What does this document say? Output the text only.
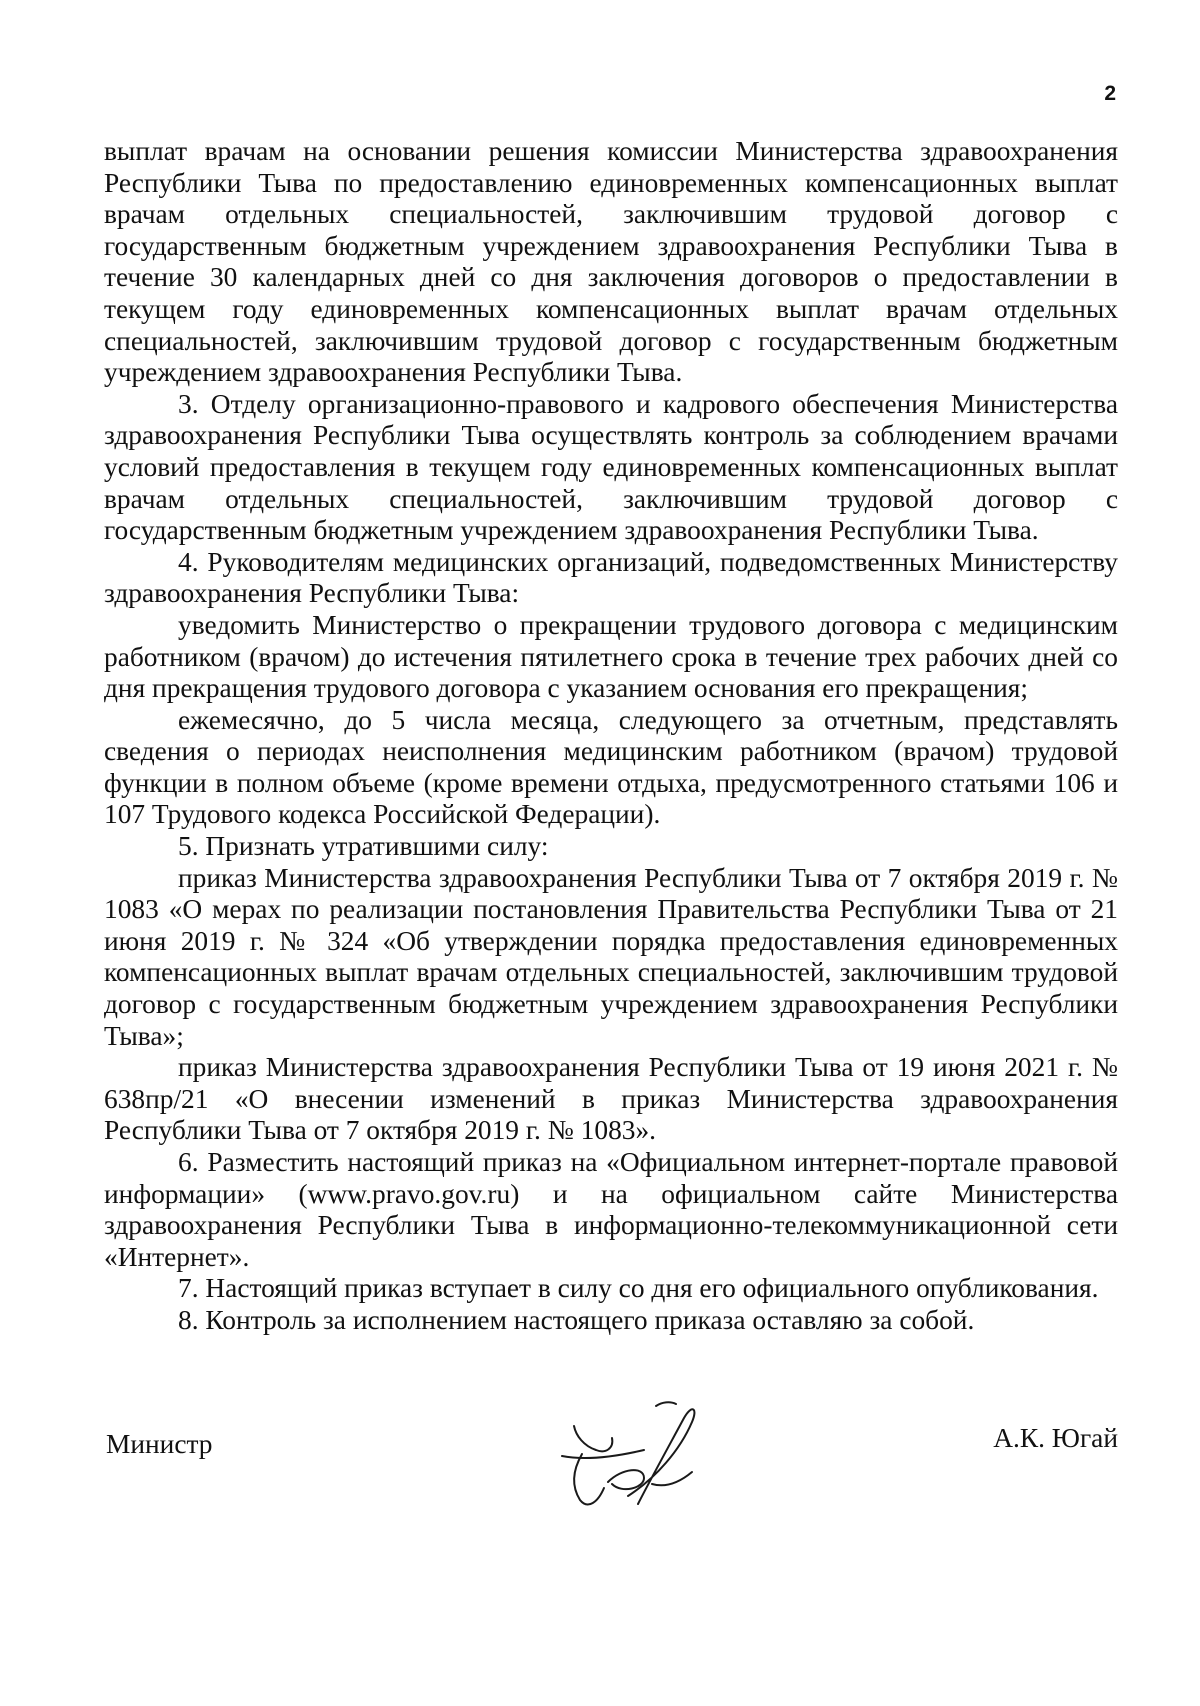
2

выплат врачам на основании решения комиссии Министерства здравоохранения Республики Тыва по предоставлению единовременных компенсационных выплат врачам отдельных специальностей, заключившим трудовой договор с государственным бюджетным учреждением здравоохранения Республики Тыва в течение 30 календарных дней со дня заключения договоров о предоставлении в текущем году единовременных компенсационных выплат врачам отдельных специальностей, заключившим трудовой договор с государственным бюджетным учреждением здравоохранения Республики Тыва.

3. Отделу организационно-правового и кадрового обеспечения Министерства здравоохранения Республики Тыва осуществлять контроль за соблюдением врачами условий предоставления в текущем году единовременных компенсационных выплат врачам отдельных специальностей, заключившим трудовой договор с государственным бюджетным учреждением здравоохранения Республики Тыва.

4. Руководителям медицинских организаций, подведомственных Министерству здравоохранения Республики Тыва:

уведомить Министерство о прекращении трудового договора с медицинским работником (врачом) до истечения пятилетнего срока в течение трех рабочих дней со дня прекращения трудового договора с указанием основания его прекращения;

ежемесячно, до 5 числа месяца, следующего за отчетным, представлять сведения о периодах неисполнения медицинским работником (врачом) трудовой функции в полном объеме (кроме времени отдыха, предусмотренного статьями 106 и 107 Трудового кодекса Российской Федерации).

5. Признать утратившими силу:

приказ Министерства здравоохранения Республики Тыва от 7 октября 2019 г. № 1083 «О мерах по реализации постановления Правительства Республики Тыва от 21 июня 2019 г. № 324 «Об утверждении порядка предоставления единовременных компенсационных выплат врачам отдельных специальностей, заключившим трудовой договор с государственным бюджетным учреждением здравоохранения Республики Тыва»;

приказ Министерства здравоохранения Республики Тыва от 19 июня 2021 г. № 638пр/21 «О внесении изменений в приказ Министерства здравоохранения Республики Тыва от 7 октября 2019 г. № 1083».

6. Разместить настоящий приказ на «Официальном интернет-портале правовой информации» (www.pravo.gov.ru) и на официальном сайте Министерства здравоохранения Республики Тыва в информационно-телекоммуникационной сети «Интернет».

7. Настоящий приказ вступает в силу со дня его официального опубликования.

8. Контроль за исполнением настоящего приказа оставляю за собой.

Министр	А.К. Югай
